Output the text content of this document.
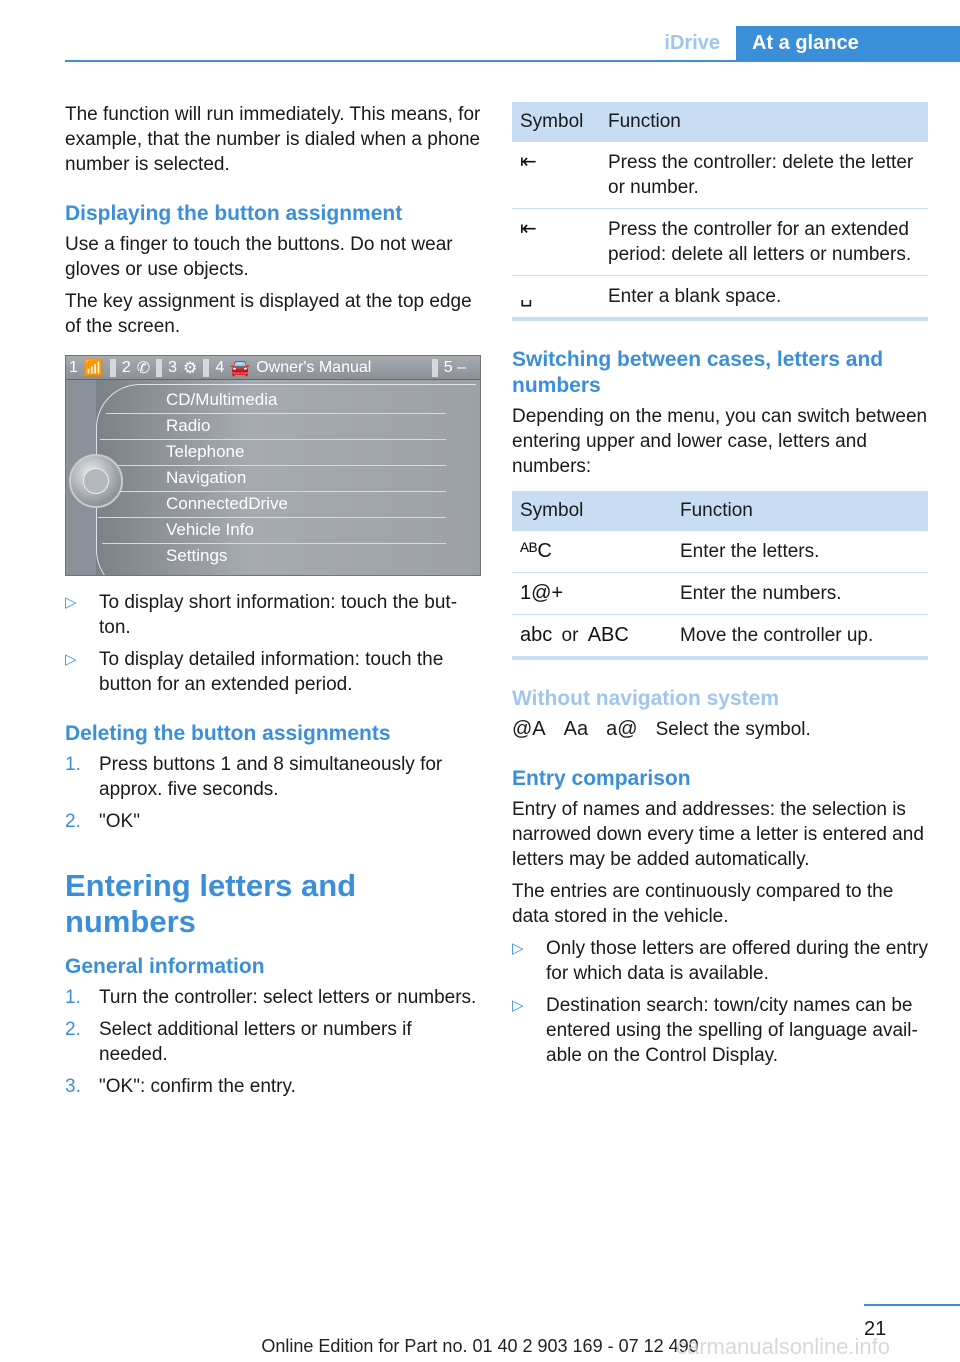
iDrive	At a glance

The function will run immediately. This means, for example, that the number is dialed when a phone number is selected.

Displaying the button assignment

Use a finger to touch the buttons. Do not wear gloves or use objects.

The key assignment is displayed at the top edge of the screen.

1 📶 2 ✆ 3 ⚙ 4 🚘 Owner's Manual	5 –
CD/Multimedia
Radio
Telephone
Navigation
ConnectedDrive
Vehicle Info
Settings
▷ To display short information: touch the button.
▷ To display detailed information: touch the button for an extended period.
Deleting the button assignments
1. Press buttons 1 and 8 simultaneously for approx. five seconds.
2. "OK"
Entering letters and numbers
General information
1. Turn the controller: select letters or numbers.
2. Select additional letters or numbers if needed.
3. "OK": confirm the entry.
Symbol	Function
⇤	Press the controller: delete the letter or number.
⇤	Press the controller for an extended period: delete all letters or numbers.
␣	Enter a blank space.
Switching between cases, letters and numbers

Depending on the menu, you can switch between entering upper and lower case, letters and numbers:

Symbol	Function
ᴬᴮC	Enter the letters.
1@+	Enter the numbers.
abc or ABC	Move the controller up.
Without navigation system
@A Aa a@ Select the symbol.
Entry comparison

Entry of names and addresses: the selection is narrowed down every time a letter is entered and letters may be added automatically.

The entries are continuously compared to the data stored in the vehicle.

▷ Only those letters are offered during the entry for which data is available.
▷ Destination search: town/city names can be entered using the spelling of language available on the Control Display.
21
Online Edition for Part no. 01 40 2 903 169 - 07 12 490
carmanualsonline.info
